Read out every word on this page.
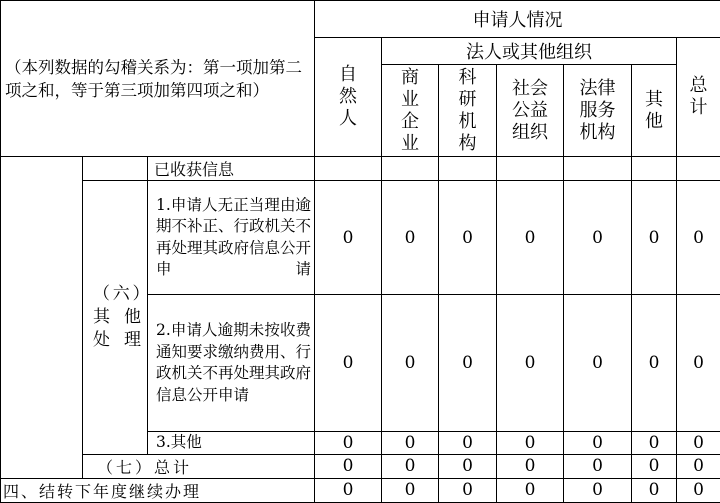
（本列数据的勾稽关系为：第一项加第二项之和，等于第三项加第四项之和）			申请人情况						
			自然人	法人或其他组织					总计
				商业企业	科研机构	社会公益组织	法律服务机构	其他	
		已收获信息							
	（六）其他处理	1.申请人无正当理由逾期不补正、行政机关不再处理其政府信息公开申请	0	0	0	0	0	0	0
		2.申请人逾期未按收费通知要求缴纳费用、行政机关不再处理其政府信息公开申请	0	0	0	0	0	0	0
		3.其他	0	0	0	0	0	0	0
	（七）总计		0	0	0	0	0	0	0
四、结转下年度继续办理			0	0	0	0	0	0	0
